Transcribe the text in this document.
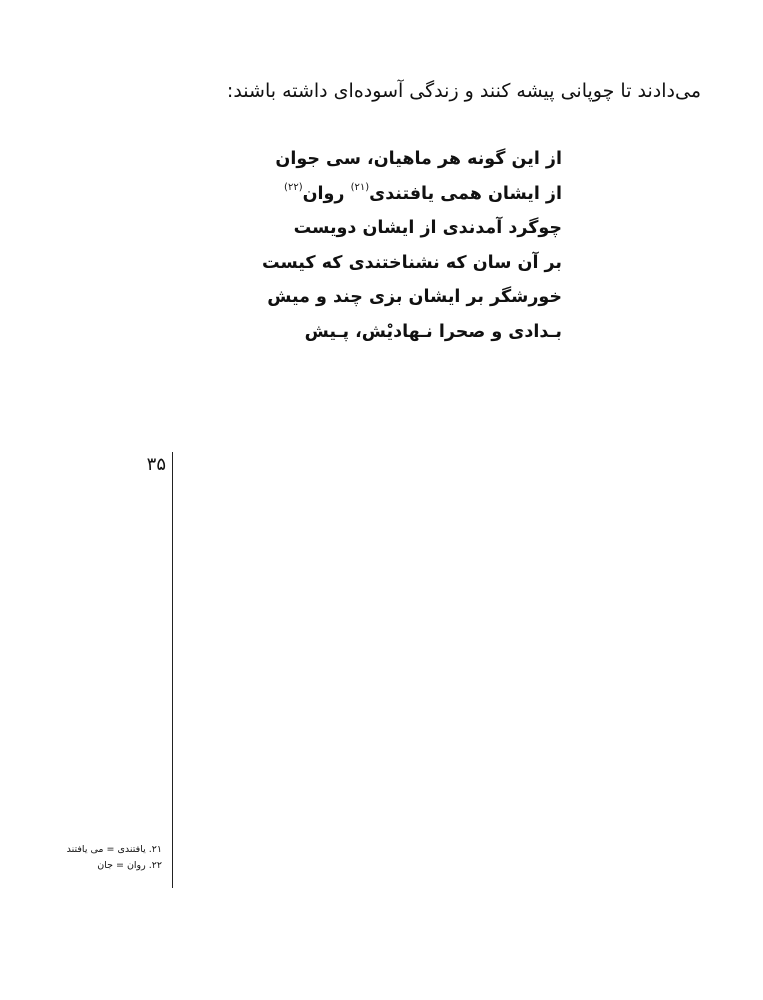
می‌دادند تا چوپانی پیشه کنند و زندگی آسوده‌ای داشته باشند:
از این گونه هر ماهیان، سی جوان
از ایشان همی یافتندی$^{(۲۱)}$ روان$^{(۲۲)}$
چوگرد آمدندی از ایشان دویست
بر آن سان که نشناختندی که کیست
خورشگر بر ایشان بزی چند و میش
بـدادی و صحرا نـهادیْش، پـیش
۳۵
۲۱. یافتندی = می یافتند
۲۲. روان = جان
